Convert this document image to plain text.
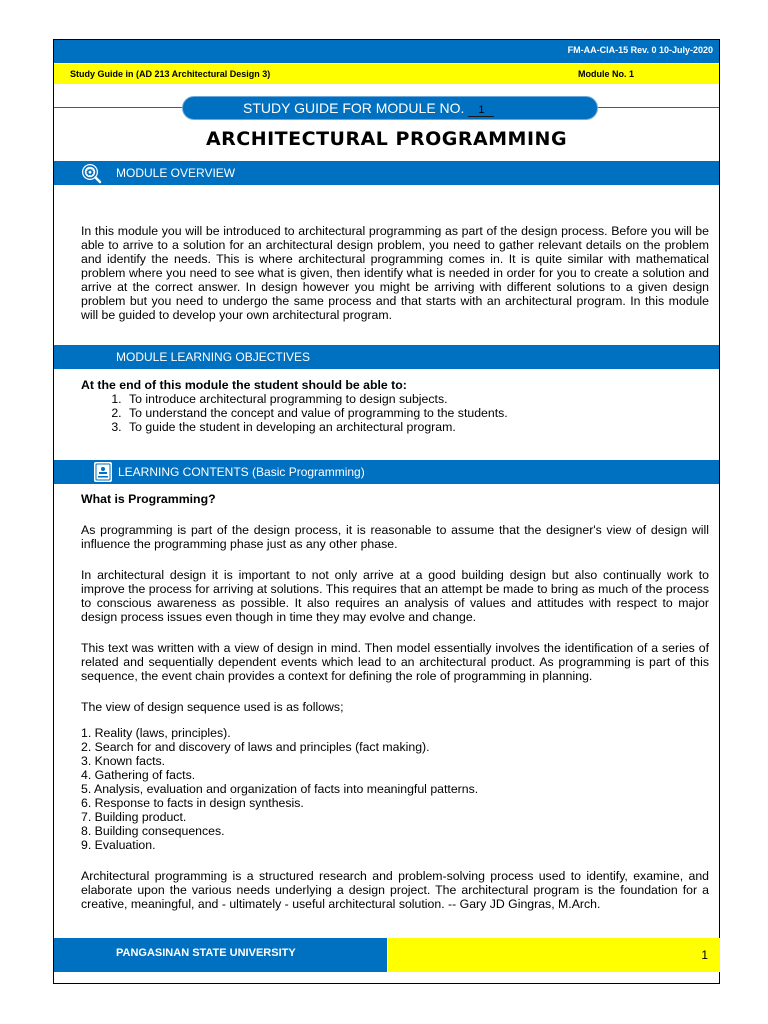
FM-AA-CIA-15 Rev. 0 10-July-2020
Study Guide in (AD 213 Architectural Design 3)	Module No. 1
STUDY GUIDE FOR MODULE NO. 1
ARCHITECTURAL PROGRAMMING
MODULE OVERVIEW

In this module you will be introduced to architectural programming as part of the design process. Before you will be able to arrive to a solution for an architectural design problem, you need to gather relevant details on the problem and identify the needs. This is where architectural programming comes in. It is quite similar with mathematical problem where you need to see what is given, then identify what is needed in order for you to create a solution and arrive at the correct answer. In design however you might be arriving with different solutions to a given design problem but you need to undergo the same process and that starts with an architectural program. In this module will be guided to develop your own architectural program.

MODULE LEARNING OBJECTIVES

At the end of this module the student should be able to:

1. To introduce architectural programming to design subjects.
2. To understand the concept and value of programming to the students.
3. To guide the student in developing an architectural program.
LEARNING CONTENTS (Basic Programming)

What is Programming?

As programming is part of the design process, it is reasonable to assume that the designer's view of design will influence the programming phase just as any other phase.

In architectural design it is important to not only arrive at a good building design but also continually work to improve the process for arriving at solutions. This requires that an attempt be made to bring as much of the process to conscious awareness as possible. It also requires an analysis of values and attitudes with respect to major design process issues even though in time they may evolve and change.

This text was written with a view of design in mind. Then model essentially involves the identification of a series of related and sequentially dependent events which lead to an architectural product. As programming is part of this sequence, the event chain provides a context for defining the role of programming in planning.

The view of design sequence used is as follows;

1. Reality (laws, principles).
2. Search for and discovery of laws and principles (fact making).
3. Known facts.
4. Gathering of facts.
5. Analysis, evaluation and organization of facts into meaningful patterns.
6. Response to facts in design synthesis.
7. Building product.
8. Building consequences.
9. Evaluation.

Architectural programming is a structured research and problem-solving process used to identify, examine, and elaborate upon the various needs underlying a design project. The architectural program is the foundation for a creative, meaningful, and - ultimately - useful architectural solution. -- Gary JD Gingras, M.Arch.

PANGASINAN STATE UNIVERSITY	1
